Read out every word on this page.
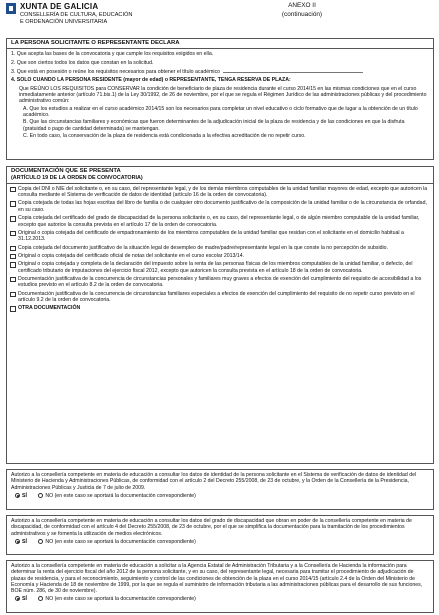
XUNTA DE GALICIA
CONSELLERÍA DE CULTURA, EDUCACIÓN
E ORDENACIÓN UNIVERSITARIA
ANEXO II
(continuación)
LA PERSONA SOLICITANTE O REPRESENTANTE DECLARA
1. Que acepta las bases de la convocatoria y que cumple los requisitos exigidos en ella.
2. Que son ciertos todos los datos que constan en la solicitud.
3. Que está en posesión o reúne los requisitos necesarios para obtener el título académico
4. SOLO CUANDO LA PERSONA RESIDENTE (mayor de edad) o REPRESENTANTE, TENGA RESERVA DE PLAZA:
Que REÚNO LOS REQUISITOS para CONSERVAR la condición de beneficiario de plaza de residencia durante el curso 2014/15 en las mismas condiciones que en el curso inmediatamente anterior (artículo 71.bis.1) de la Ley 30/1992, de 26 de noviembre, por el que se regula el Régimen Jurídico de las administraciones públicas y del procedimiento administrativo común:
A. Que los estudios a realizar en el curso académico 2014/15 son los necesarios para completar un nivel educativo o ciclo formativo que de lugar a la obtención de un título académico.
B. Que las circunstancias familiares y económicas que fueron determinantes de la adjudicación inicial de la plaza de residencia y de las condiciones en que la disfruta (gratuidad o pago de cantidad determinada) se mantengan.
C. En todo caso, la conservación de la plaza de residencia está condicionada a la efectiva acreditación de no repetir curso.
DOCUMENTACIÓN QUE SE PRESENTA
(ARTÍCULO 19 DE LA ORDEN DE CONVOCATORIA)
Copia del DNI o NIE del solicitante o, en su caso, del representante legal, y de los demás miembros computables de la unidad familiar mayores de edad, excepto que autoricen la consulta mediante el Sistema de verificación de datos de identidad (artículo 16 de la orden de convocatoria).
Copia cotejada de todas las hojas escritas del libro de familia o de cualquier otro documento justificativo de la composición de la unidad familiar o de la circunstancia de orfandad, en su caso.
Copia cotejada del certificado del grado de discapacidad de la persona solicitante o, en su caso, del representante legal, o de algún miembro computable de la unidad familiar, excepto que autorice la consulta prevista en el artículo 17 de la orden de convocatoria.
Original o copia cotejada del certificado de empadronamiento de los miembros computables de la unidad familiar que residan con el solicitante en el domicilio habitual a 31.12.2013.
Copia cotejada del documento justificativo de la situación legal de desempleo de madre/padre/representante legal en la que conste la no percepción de subsidio.
Original o copia cotejada del certificado oficial de notas del solicitante en el curso escolar 2013/14.
Original o copia cotejada y completa de la declaración del impuesto sobre la renta de las personas físicas de los miembros computables de la unidad familiar, o defecto, del certificado tributario de imputaciones del ejercicio fiscal 2012, excepto que autoricen la consulta prevista en el artículo 18 de la orden de convocatoria.
Documentación justificativa de la concurrencia de circunstancias personales y familiares muy graves a efectos de exención del cumplimiento del requisito de accesibilidad a los estudios previsto en el artículo 8.2 de la orden de convocatoria.
Documentación justificativa de la concurrencia de circunstancias familiares especiales a efectos de exención del cumplimiento del requisito de no repetir curso previsto en el artículo 9.2 de la orden de convocatoria.
OTRA DOCUMENTACIÓN
Autorizo a la consellería competente en materia de educación a consultar los datos de identidad de la persona solicitante en el Sistema de verificación de datos de identidad del Ministerio de Hacienda y Administraciones Públicas, de conformidad con el artículo 2 del Decreto 255/2008, de 23 de octubre, y la Orden de la Consellería de la Presidencia, Administraciones Públicas y Justicia de 7 de julio de 2009.
SÍ	NO (en este caso se aportará la documentación correspondiente)
Autorizo a la consellería competente en materia de educación a consultar los datos del grado de discapacidad que obran en poder de la consellería competente en materia de discapacidad, de conformidad con el artículo 4 del Decreto 255/2008, de 23 de octubre, por el que se simplifica la documentación para la tramitación de los procedimientos administrativos y se fomenta la utilización de medios electrónicos.
SÍ	NO (en este caso se aportará la documentación correspondiente)
Autorizo a la consellería competente en materia de educación a solicitar a la Agencia Estatal de Administración Tributaria y a la Consellería de Hacienda la información para determinar la renta del ejercicio fiscal del año 2012 de la persona solicitante, y en su caso, del representante legal, necesaria para tramitar el procedimiento de adjudicación de plazas de residencia, y para el reconocimiento, seguimiento y control de las condiciones de obtención de la plaza en el curso 2014/15 (artículo 2.4 de la Orden del Ministerio de Economía y Hacienda de 18 de noviembre de 1999, por la que se regula el suministro de información tributaria a las administraciones públicas para el desarrollo de sus funciones, BOE núm. 286, de 30 de noviembre).
SÍ	NO (en este caso se aportará la documentación correspondiente)
